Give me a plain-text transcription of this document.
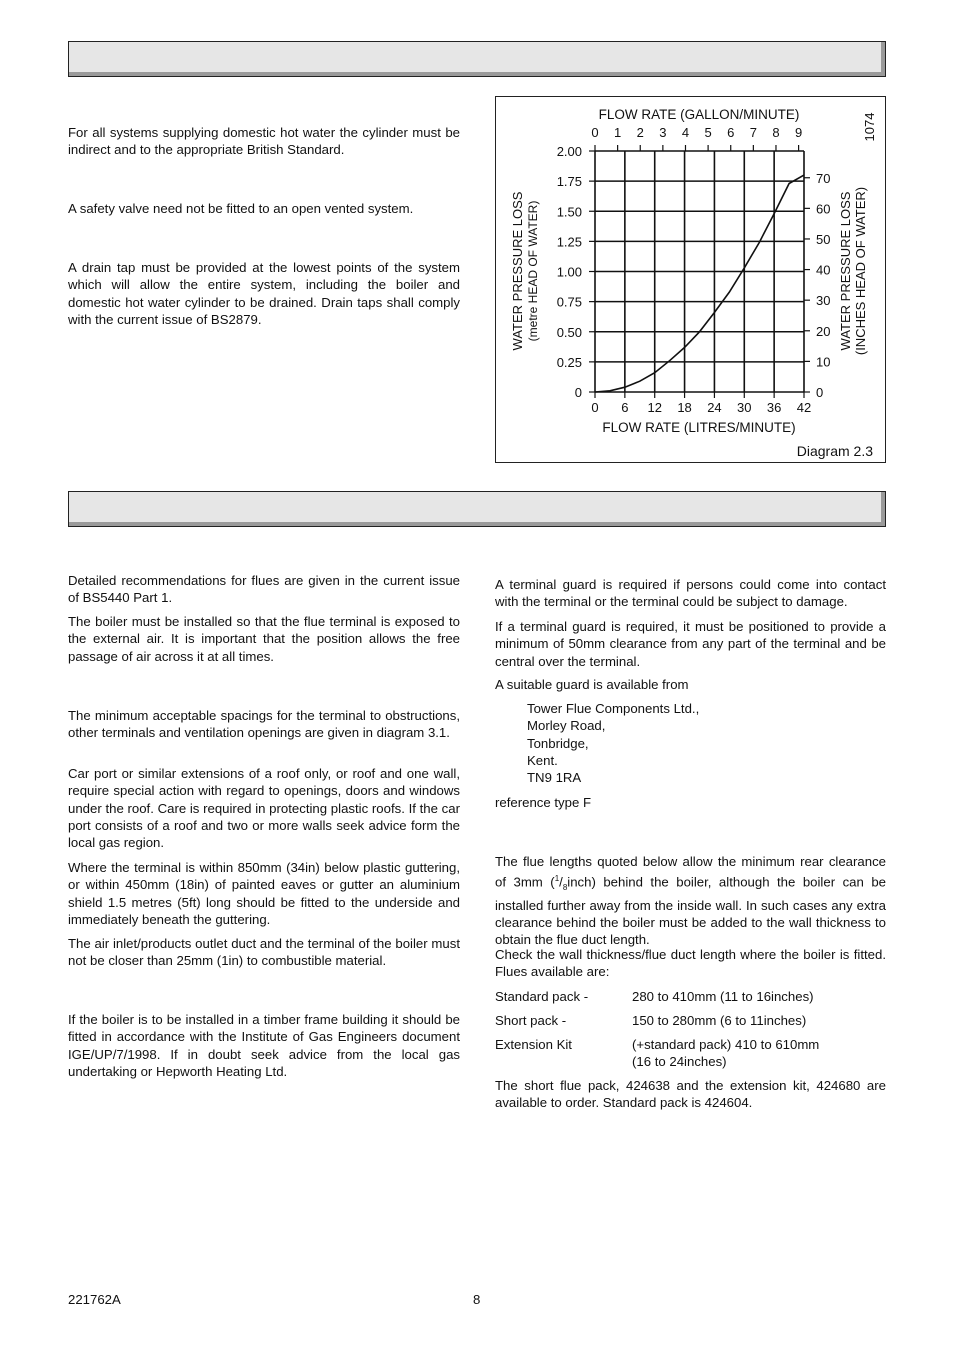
For all systems supplying domestic hot water the cylinder must be indirect and to the appropriate British Standard.

A safety valve need not be fitted to an open vented system.

A drain tap must be provided at the lowest points of the system which will allow the entire system, including the boiler and domestic hot water cylinder to be drained. Drain taps shall comply with the current issue of BS2879.

0
0.25
0.50
0.75
1.00
1.25
1.50
1.75
2.00
0 6 12 18 24 30 36 42
0 1 2 3 4 5 6 7 8 9
0
10
20
30
40
50
60
70
1074
FLOW RATE (GALLON/MINUTE)
FLOW RATE (LITRES/MINUTE)
WATER PRESSURE LOSS (metre HEAD OF WATER)	WATER PRESSURE LOSS (INCHES HEAD OF WATER)
Diagram 2.3

Detailed recommendations for flues are given in the current issue of BS5440 Part 1.

The boiler must be installed so that the flue terminal is exposed to the external air. It is important that the position allows the free passage of air across it at all times.

The minimum acceptable spacings for the terminal to obstructions, other terminals and ventilation openings are given in diagram 3.1.

Car port or similar extensions of a roof only, or roof and one wall, require special action with regard to openings, doors and windows under the roof. Care is required in protecting plastic roofs. If the car port consists of a roof and two or more walls seek advice form the local gas region.

Where the terminal is within 850mm (34in) below plastic guttering, or within 450mm (18in) of painted eaves or gutter an aluminium shield 1.5 metres (5ft) long should be fitted to the underside and immediately beneath the guttering.

The air inlet/products outlet duct and the terminal of the boiler must not be closer than 25mm (1in) to combustible material.

If the boiler is to be installed in a timber frame building it should be fitted in accordance with the Institute of Gas Engineers document IGE/UP/7/1998. If in doubt seek advice from the local gas undertaking or Hepworth Heating Ltd.

A terminal guard is required if persons could come into contact with the terminal or the terminal could be subject to damage.

If a terminal guard is required, it must be positioned to provide a minimum of 50mm clearance from any part of the terminal and be central over the terminal.

A suitable guard is available from

Tower Flue Components Ltd.,
Morley Road,
Tonbridge,
Kent.
TN9 1RA

reference type F

The flue lengths quoted below allow the minimum rear clearance of 3mm $(^1/_8inch)$ behind the boiler, although the boiler can be installed further away from the inside wall. In such cases any extra clearance behind the boiler must be added to the wall thickness to obtain the flue duct length.

Check the wall thickness/flue duct length where the boiler is fitted. Flues available are:

Standard pack -	280 to 410mm (11 to 16inches)
Short pack -	150 to 280mm (6 to 11inches)
Extension Kit	(+standard pack) 410 to 610mm
(16 to 24inches)

The short flue pack, 424638 and the extension kit, 424680 are available to order. Standard pack is 424604.

221762A	8
